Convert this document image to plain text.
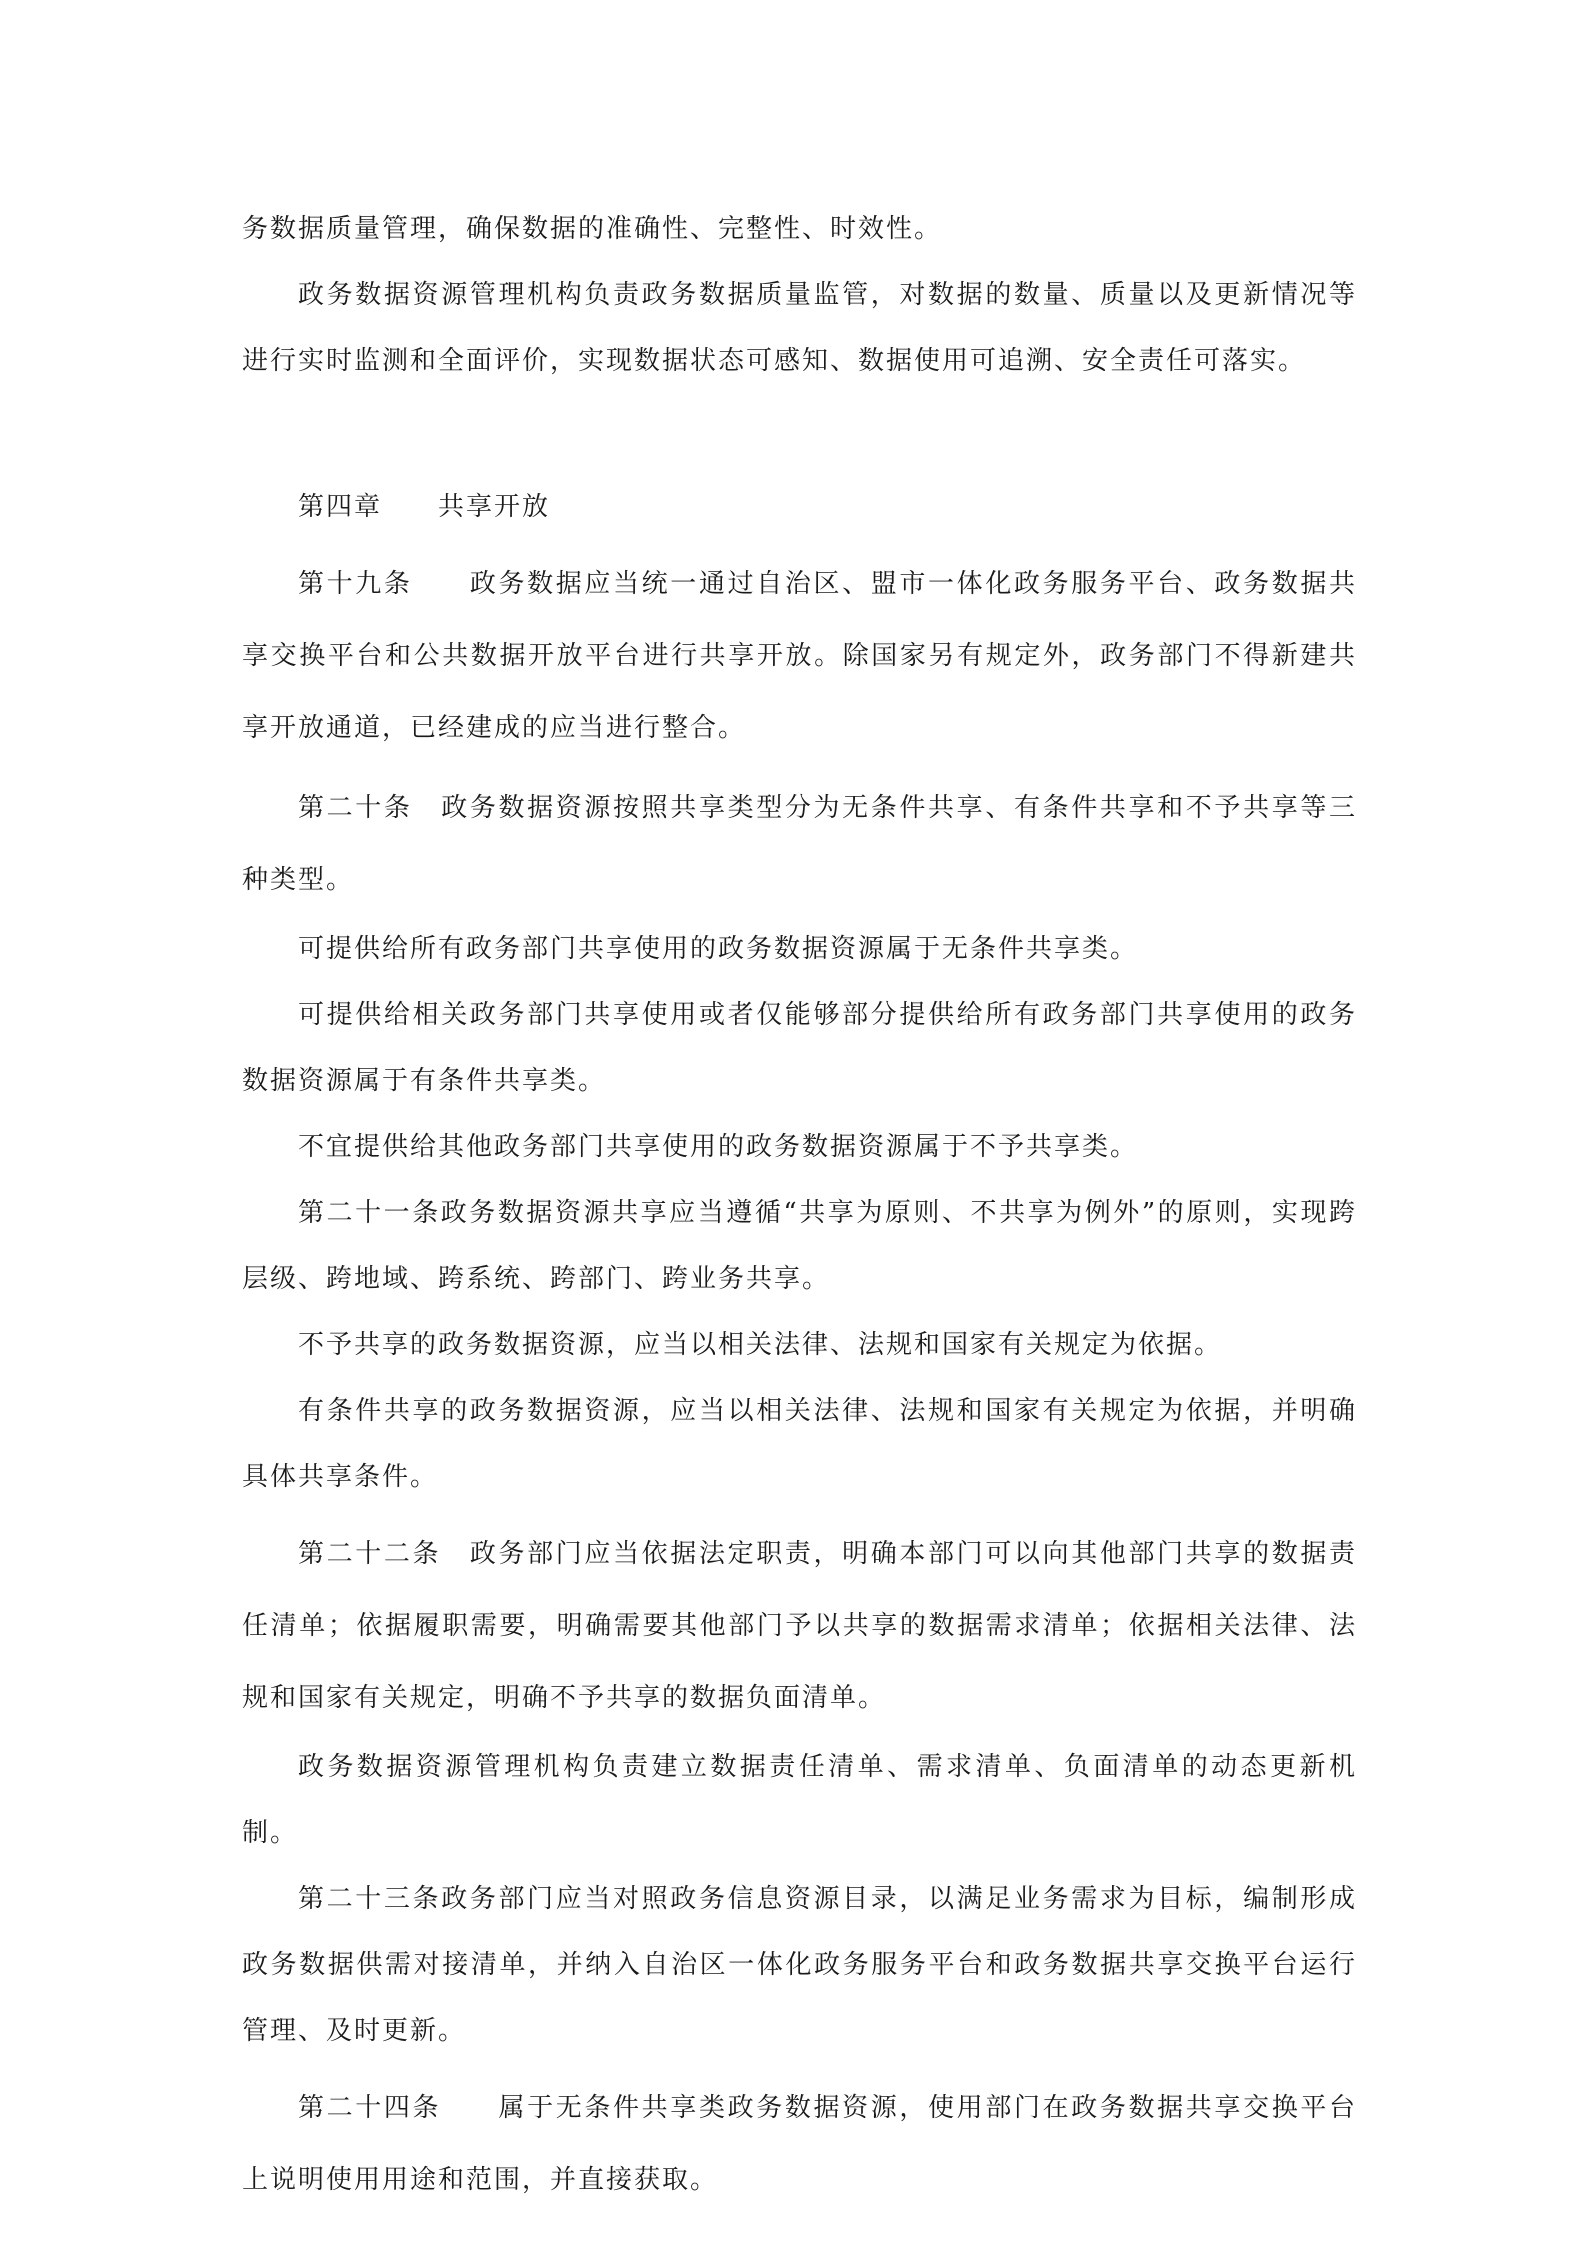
务数据质量管理，确保数据的准确性、完整性、时效性。

政务数据资源管理机构负责政务数据质量监管，对数据的数量、质量以及更新情况等进行实时监测和全面评价，实现数据状态可感知、数据使用可追溯、安全责任可落实。

第四章　　共享开放

第十九条　　政务数据应当统一通过自治区、盟市一体化政务服务平台、政务数据共享交换平台和公共数据开放平台进行共享开放。除国家另有规定外，政务部门不得新建共享开放通道，已经建成的应当进行整合。

第二十条　政务数据资源按照共享类型分为无条件共享、有条件共享和不予共享等三种类型。

可提供给所有政务部门共享使用的政务数据资源属于无条件共享类。

可提供给相关政务部门共享使用或者仅能够部分提供给所有政务部门共享使用的政务数据资源属于有条件共享类。

不宜提供给其他政务部门共享使用的政务数据资源属于不予共享类。

第二十一条政务数据资源共享应当遵循“共享为原则、不共享为例外”的原则，实现跨层级、跨地域、跨系统、跨部门、跨业务共享。

不予共享的政务数据资源，应当以相关法律、法规和国家有关规定为依据。

有条件共享的政务数据资源，应当以相关法律、法规和国家有关规定为依据，并明确具体共享条件。

第二十二条　政务部门应当依据法定职责，明确本部门可以向其他部门共享的数据责任清单；依据履职需要，明确需要其他部门予以共享的数据需求清单；依据相关法律、法规和国家有关规定，明确不予共享的数据负面清单。

政务数据资源管理机构负责建立数据责任清单、需求清单、负面清单的动态更新机制。

第二十三条政务部门应当对照政务信息资源目录，以满足业务需求为目标，编制形成政务数据供需对接清单，并纳入自治区一体化政务服务平台和政务数据共享交换平台运行管理、及时更新。

第二十四条　　属于无条件共享类政务数据资源，使用部门在政务数据共享交换平台上说明使用用途和范围，并直接获取。
